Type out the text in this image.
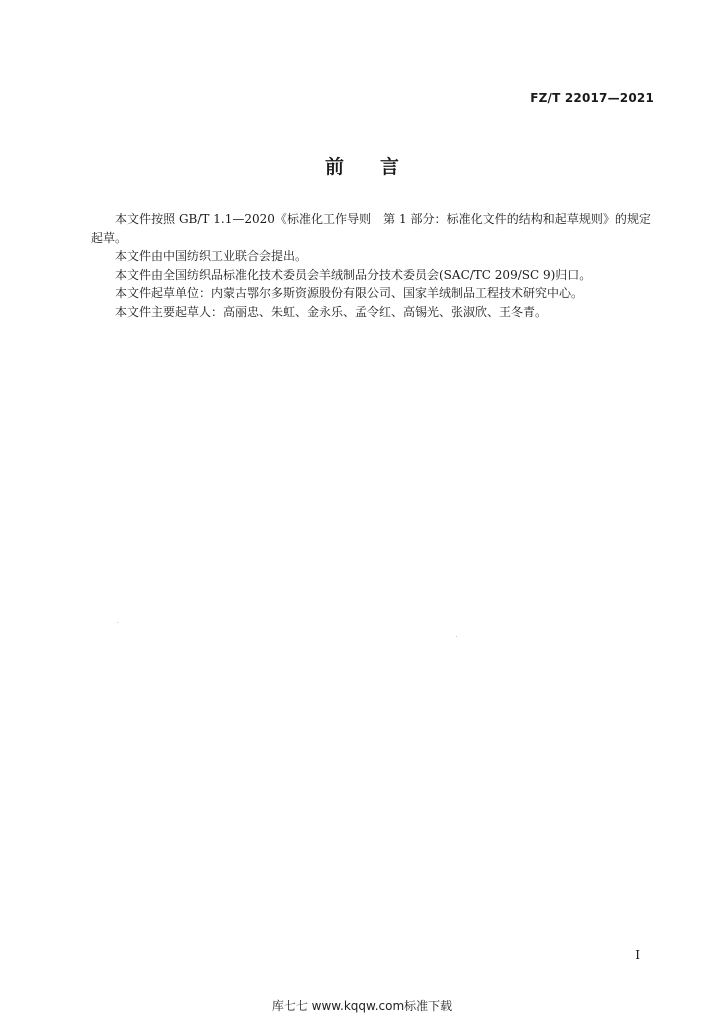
FZ/T 22017—2021
前言

本文件按照 GB/T 1.1—2020《标准化工作导则　第 1 部分：标准化文件的结构和起草规则》的规定起草。

本文件由中国纺织工业联合会提出。

本文件由全国纺织品标准化技术委员会羊绒制品分技术委员会(SAC/TC 209/SC 9)归口。

本文件起草单位：内蒙古鄂尔多斯资源股份有限公司、国家羊绒制品工程技术研究中心。

本文件主要起草人：高丽忠、朱虹、金永乐、孟令红、高锡光、张淑欣、王冬青。

I
库七七 www.kqqw.com标准下载
